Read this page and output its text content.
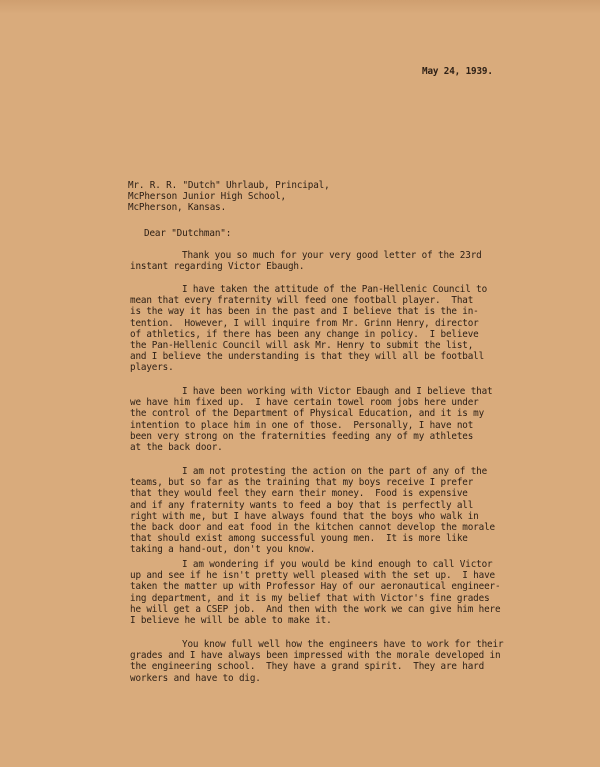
May 24, 1939.
Mr. R. R. "Dutch" Uhrlaub, Principal,
McPherson Junior High School,
McPherson, Kansas.
Dear "Dutchman":
Thank you so much for your very good letter of the 23rd
instant regarding Victor Ebaugh.
I have taken the attitude of the Pan-Hellenic Council to
mean that every fraternity will feed one football player.  That
is the way it has been in the past and I believe that is the in-
tention.  However, I will inquire from Mr. Grinn Henry, director
of athletics, if there has been any change in policy.  I believe
the Pan-Hellenic Council will ask Mr. Henry to submit the list,
and I believe the understanding is that they will all be football
players.
I have been working with Victor Ebaugh and I believe that
we have him fixed up.  I have certain towel room jobs here under
the control of the Department of Physical Education, and it is my
intention to place him in one of those.  Personally, I have not
been very strong on the fraternities feeding any of my athletes
at the back door.
I am not protesting the action on the part of any of the
teams, but so far as the training that my boys receive I prefer
that they would feel they earn their money.  Food is expensive
and if any fraternity wants to feed a boy that is perfectly all
right with me, but I have always found that the boys who walk in
the back door and eat food in the kitchen cannot develop the morale
that should exist among successful young men.  It is more like
taking a hand-out, don't you know.
I am wondering if you would be kind enough to call Victor
up and see if he isn't pretty well pleased with the set up.  I have
taken the matter up with Professor Hay of our aeronautical engineer-
ing department, and it is my belief that with Victor's fine grades
he will get a CSEP job.  And then with the work we can give him here
I believe he will be able to make it.
You know full well how the engineers have to work for their
grades and I have always been impressed with the morale developed in
the engineering school.  They have a grand spirit.  They are hard
workers and have to dig.
